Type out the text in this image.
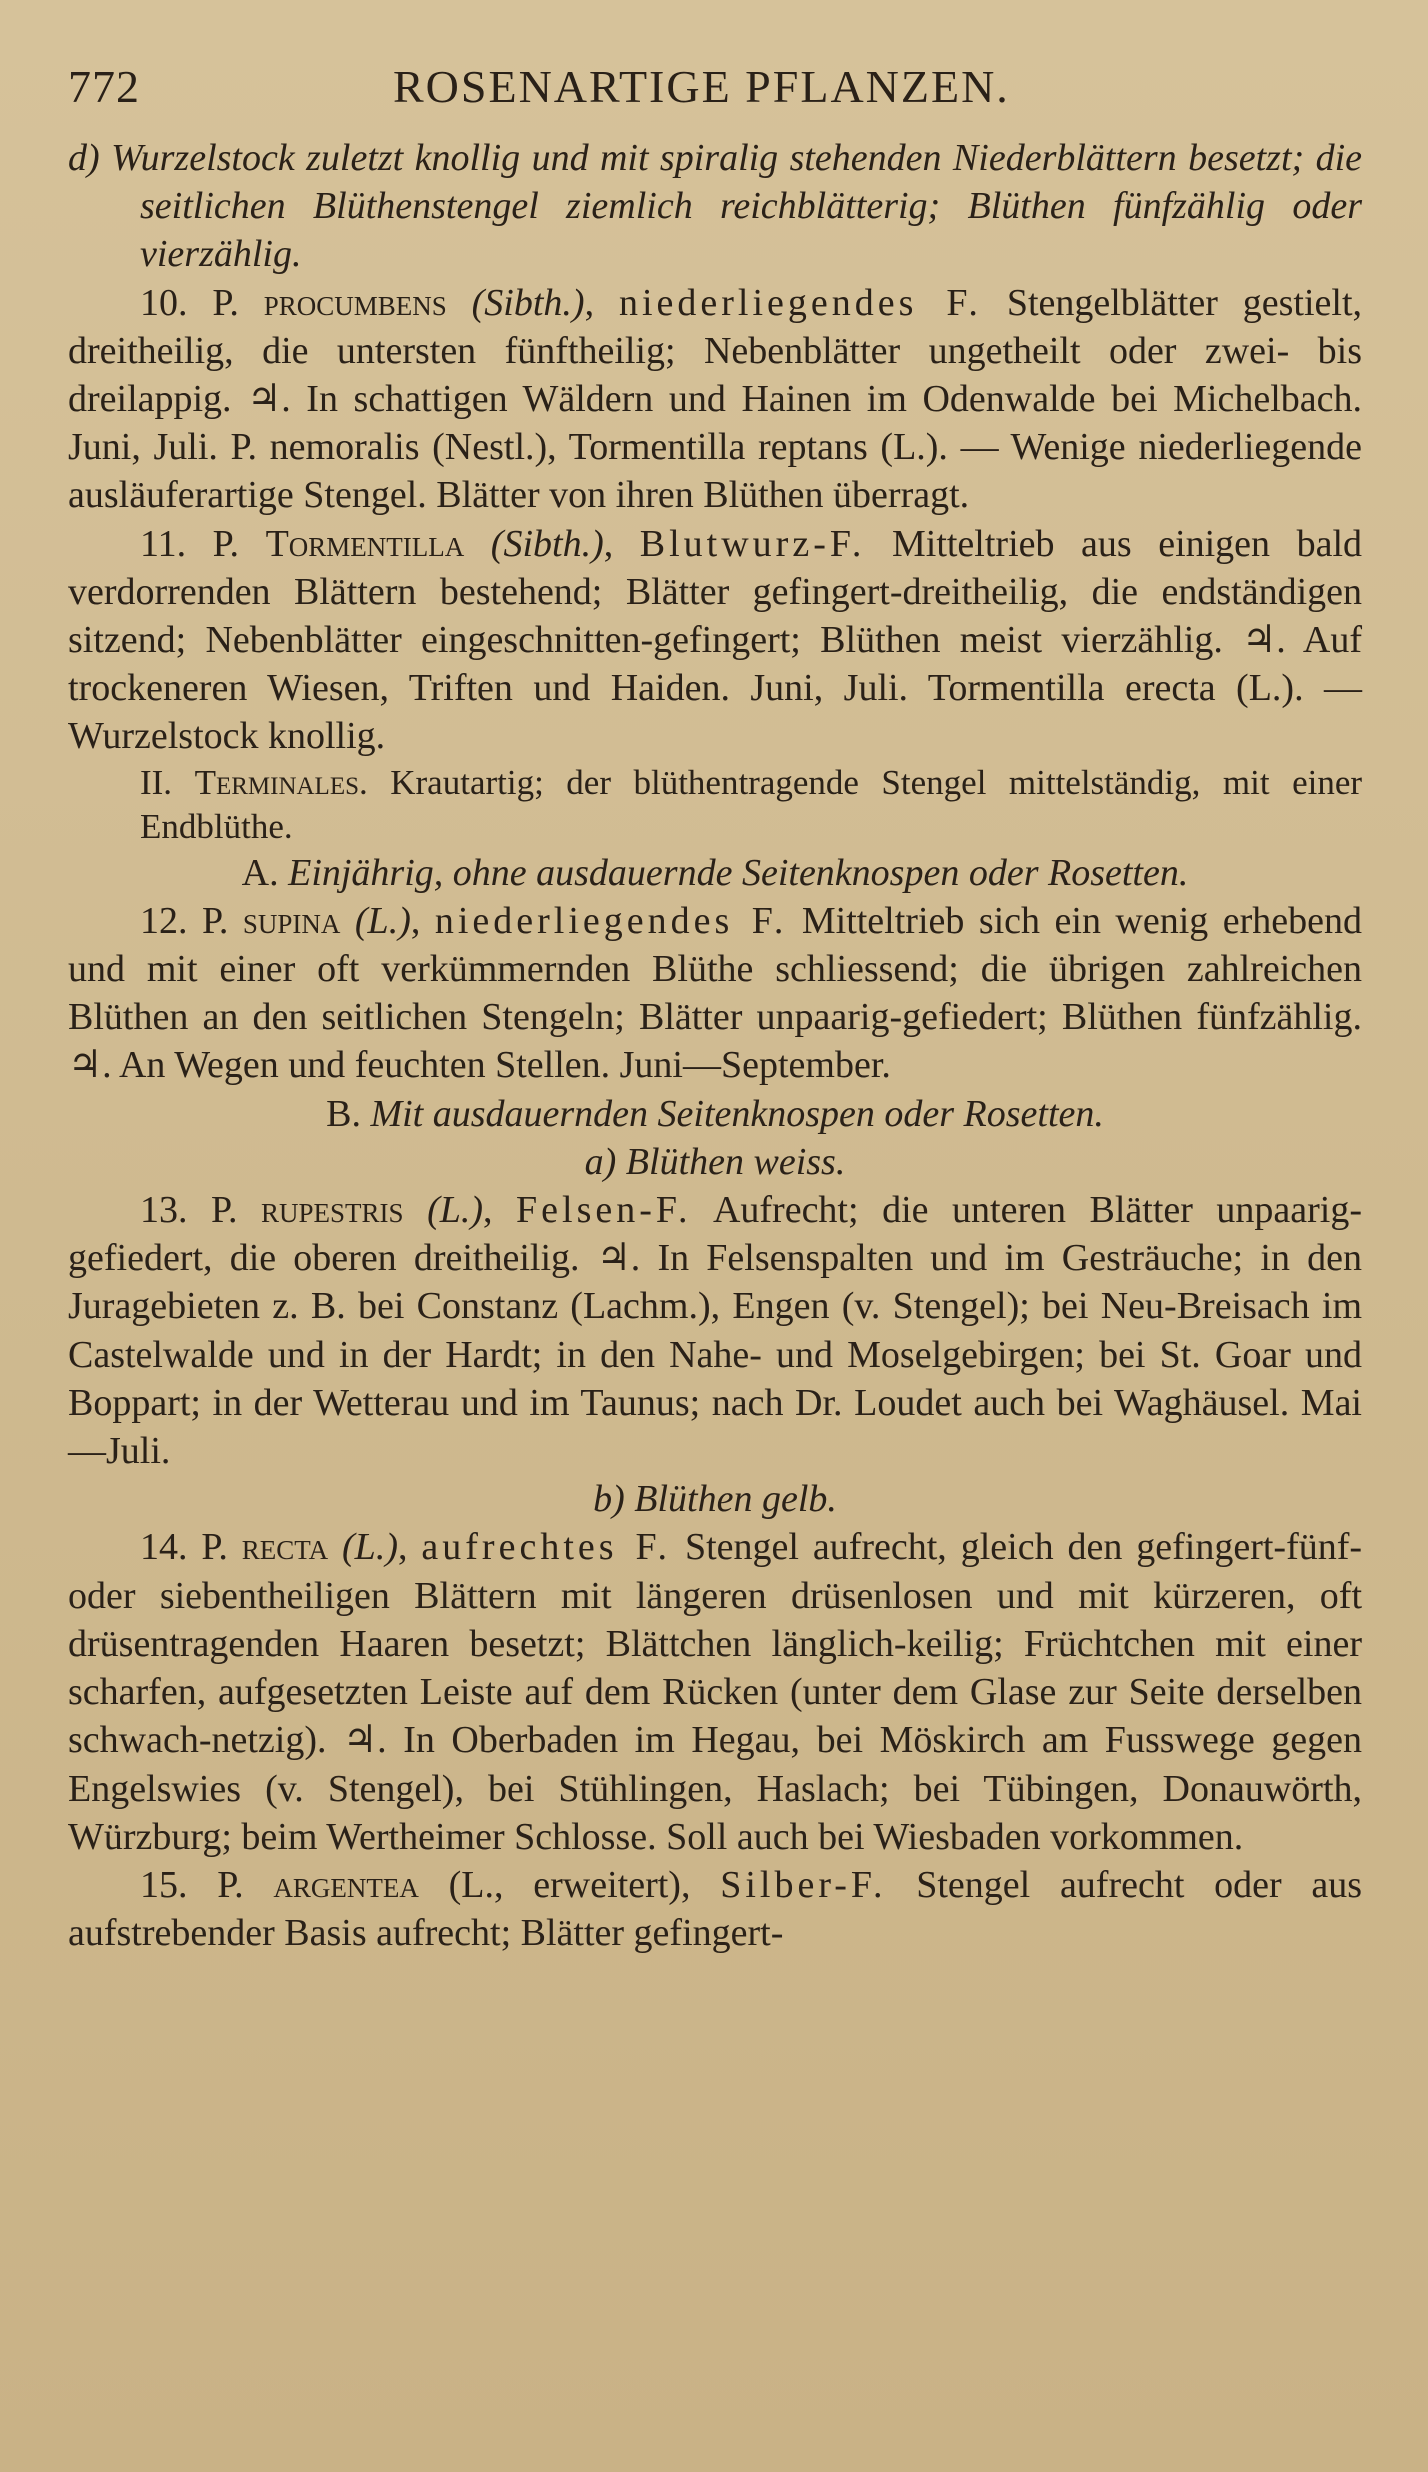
772	ROSENARTIGE PFLANZEN.

d) Wurzelstock zuletzt knollig und mit spiralig stehenden Niederblättern besetzt; die seitlichen Blüthenstengel ziemlich reichblätterig; Blüthen fünfzählig oder vierzählig.

10. P. procumbens (Sibth.), niederliegendes F. Stengelblätter gestielt, dreitheilig, die untersten fünftheilig; Nebenblätter ungetheilt oder zwei- bis dreilappig. ♃. In schattigen Wäldern und Hainen im Odenwalde bei Michelbach. Juni, Juli. P. nemoralis (Nestl.), Tormentilla reptans (L.). — Wenige niederliegende ausläuferartige Stengel. Blätter von ihren Blüthen überragt.

11. P. Tormentilla (Sibth.), Blutwurz-F. Mitteltrieb aus einigen bald verdorrenden Blättern bestehend; Blätter gefingert-dreitheilig, die endständigen sitzend; Nebenblätter eingeschnitten-gefingert; Blüthen meist vierzählig. ♃. Auf trockeneren Wiesen, Triften und Haiden. Juni, Juli. Tormentilla erecta (L.). — Wurzelstock knollig.

II. Terminales. Krautartig; der blüthentragende Stengel mittelständig, mit einer Endblüthe.

A. Einjährig, ohne ausdauernde Seitenknospen oder Rosetten.

12. P. supina (L.), niederliegendes F. Mitteltrieb sich ein wenig erhebend und mit einer oft verkümmernden Blüthe schliessend; die übrigen zahlreichen Blüthen an den seitlichen Stengeln; Blätter unpaarig-gefiedert; Blüthen fünfzählig. ♃. An Wegen und feuchten Stellen. Juni—September.

B. Mit ausdauernden Seitenknospen oder Rosetten.

a) Blüthen weiss.

13. P. rupestris (L.), Felsen-F. Aufrecht; die unteren Blätter unpaarig-gefiedert, die oberen dreitheilig. ♃. In Felsenspalten und im Gesträuche; in den Juragebieten z. B. bei Constanz (Lachm.), Engen (v. Stengel); bei Neu-Breisach im Castelwalde und in der Hardt; in den Nahe- und Moselgebirgen; bei St. Goar und Boppart; in der Wetterau und im Taunus; nach Dr. Loudet auch bei Waghäusel. Mai—Juli.

b) Blüthen gelb.

14. P. recta (L.), aufrechtes F. Stengel aufrecht, gleich den gefingert-fünf- oder siebentheiligen Blättern mit längeren drüsenlosen und mit kürzeren, oft drüsentragenden Haaren besetzt; Blättchen länglich-keilig; Früchtchen mit einer scharfen, aufgesetzten Leiste auf dem Rücken (unter dem Glase zur Seite derselben schwach-netzig). ♃. In Oberbaden im Hegau, bei Möskirch am Fusswege gegen Engelswies (v. Stengel), bei Stühlingen, Haslach; bei Tübingen, Donauwörth, Würzburg; beim Wertheimer Schlosse. Soll auch bei Wiesbaden vorkommen.

15. P. argentea (L., erweitert), Silber-F. Stengel aufrecht oder aus aufstrebender Basis aufrecht; Blätter gefingert-
